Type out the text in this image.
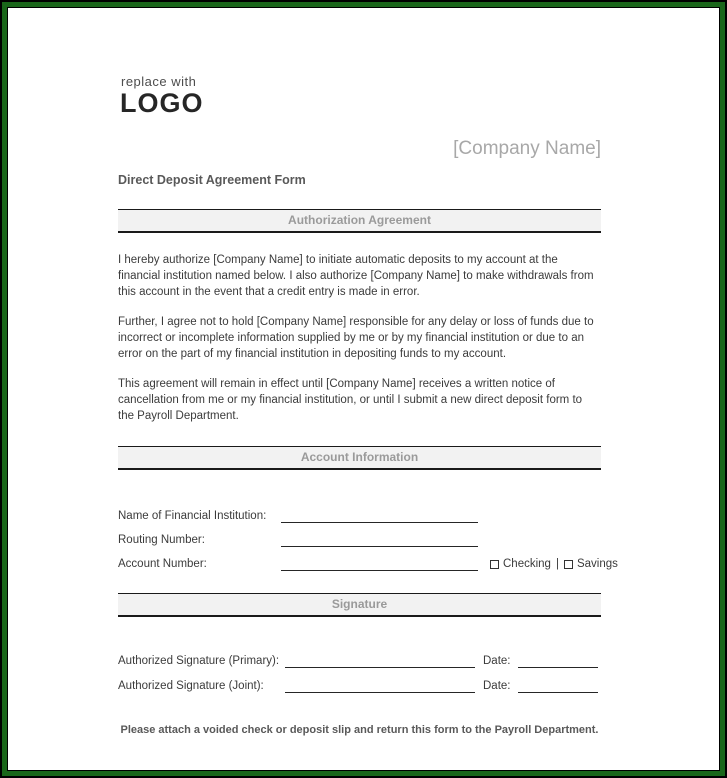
replace with
LOGO
[Company Name]
Direct Deposit Agreement Form
Authorization Agreement

I hereby authorize [Company Name] to initiate automatic deposits to my account at the financial institution named below. I also authorize [Company Name] to make withdrawals from this account in the event that a credit entry is made in error.

Further, I agree not to hold [Company Name] responsible for any delay or loss of funds due to incorrect or incomplete information supplied by me or by my financial institution or due to an error on the part of my financial institution in depositing funds to my account.

This agreement will remain in effect until [Company Name] receives a written notice of cancellation from me or my financial institution, or until I submit a new direct deposit form to the Payroll Department.

Account Information
Name of Financial Institution:
Routing Number:
Account Number:	Checking | Savings
Signature
Authorized Signature (Primary):	Date:
Authorized Signature (Joint):	Date:
Please attach a voided check or deposit slip and return this form to the Payroll Department.
